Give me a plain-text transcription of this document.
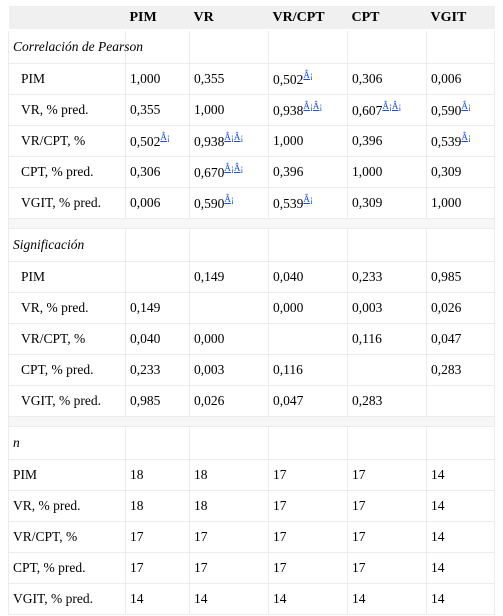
	PIM	VR	VR/CPT	CPT	VGIT
Correlación de Pearson					
PIM	1,000	0,355	0,502$^{Â¡}$	0,306	0,006
VR, % pred.	0,355	1,000	0,938$^{Â¡Â¡}$	0,607$^{Â¡Â¡}$	0,590$^{Â¡}$
VR/CPT, %	0,502$^{Â¡}$	0,938$^{Â¡Â¡}$	1,000	0,396	0,539$^{Â¡}$
CPT, % pred.	0,306	0,670$^{Â¡Â¡}$	0,396	1,000	0,309
VGIT, % pred.	0,006	0,590$^{Â¡}$	0,539$^{Â¡}$	0,309	1,000

Significación					
PIM		0,149	0,040	0,233	0,985
VR, % pred.	0,149		0,000	0,003	0,026
VR/CPT, %	0,040	0,000		0,116	0,047
CPT, % pred.	0,233	0,003	0,116		0,283
VGIT, % pred.	0,985	0,026	0,047	0,283	

n					
PIM	18	18	17	17	14
VR, % pred.	18	18	17	17	14
VR/CPT, %	17	17	17	17	14
CPT, % pred.	17	17	17	17	14
VGIT, % pred.	14	14	14	14	14
